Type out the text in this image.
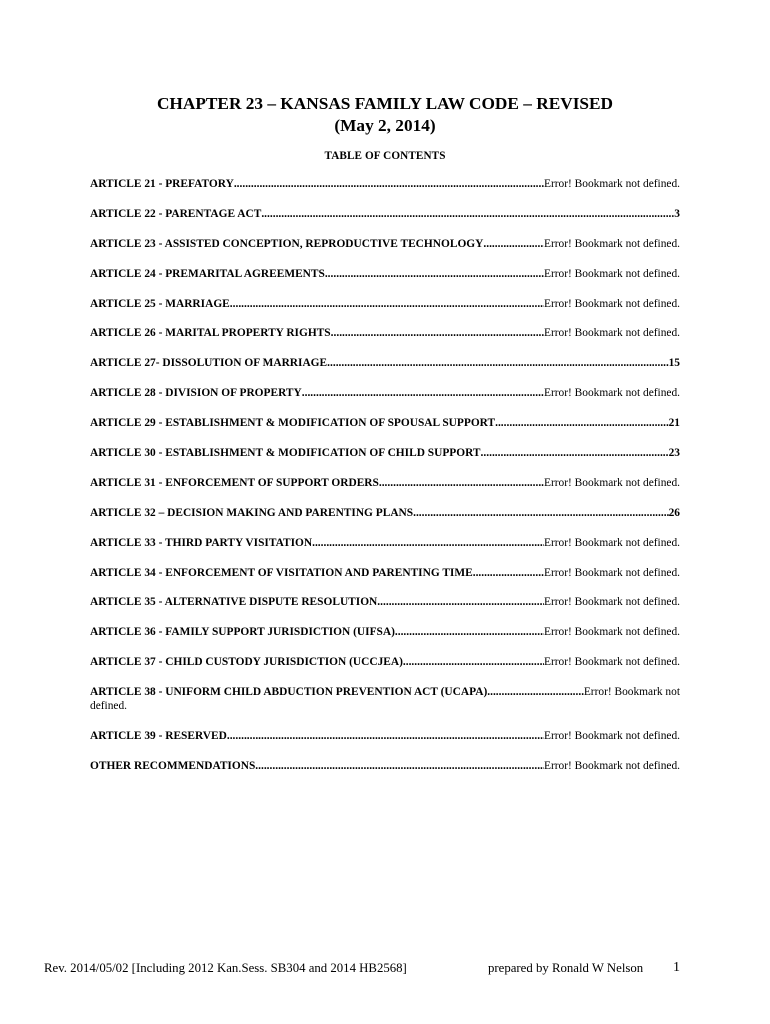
CHAPTER 23 – KANSAS FAMILY LAW CODE – REVISED
(May 2, 2014)
TABLE OF CONTENTS
ARTICLE 21 - PREFATORY .....	Error! Bookmark not defined.
ARTICLE 22 - PARENTAGE ACT .....	3
ARTICLE 23 - ASSISTED CONCEPTION, REPRODUCTIVE TECHNOLOGY .....	Error! Bookmark not defined.
ARTICLE 24 - PREMARITAL AGREEMENTS .....	Error! Bookmark not defined.
ARTICLE 25 - MARRIAGE .....	Error! Bookmark not defined.
ARTICLE 26 - MARITAL PROPERTY RIGHTS .....	Error! Bookmark not defined.
ARTICLE 27- DISSOLUTION OF MARRIAGE .....	15
ARTICLE 28 - DIVISION OF PROPERTY .....	Error! Bookmark not defined.
ARTICLE 29 - ESTABLISHMENT & MODIFICATION OF SPOUSAL SUPPORT .....	21
ARTICLE 30 - ESTABLISHMENT & MODIFICATION OF CHILD SUPPORT .....	23
ARTICLE 31 - ENFORCEMENT OF SUPPORT ORDERS .....	Error! Bookmark not defined.
ARTICLE 32 – DECISION MAKING AND PARENTING PLANS .....	26
ARTICLE 33 - THIRD PARTY VISITATION .....	Error! Bookmark not defined.
ARTICLE 34 - ENFORCEMENT OF VISITATION AND PARENTING TIME .....	Error! Bookmark not defined.
ARTICLE 35 - ALTERNATIVE DISPUTE RESOLUTION .....	Error! Bookmark not defined.
ARTICLE 36 - FAMILY SUPPORT JURISDICTION (UIFSA) .....	Error! Bookmark not defined.
ARTICLE 37 - CHILD CUSTODY JURISDICTION (UCCJEA) .....	Error! Bookmark not defined.
ARTICLE 38 - UNIFORM CHILD ABDUCTION PREVENTION ACT (UCAPA) .....	Error! Bookmark not
defined.
ARTICLE 39 - RESERVED .....	Error! Bookmark not defined.
OTHER RECOMMENDATIONS .....	Error! Bookmark not defined.
Rev. 2014/05/02 [Including 2012 Kan.Sess. SB304 and 2014 HB2568]	prepared by Ronald W Nelson 1
